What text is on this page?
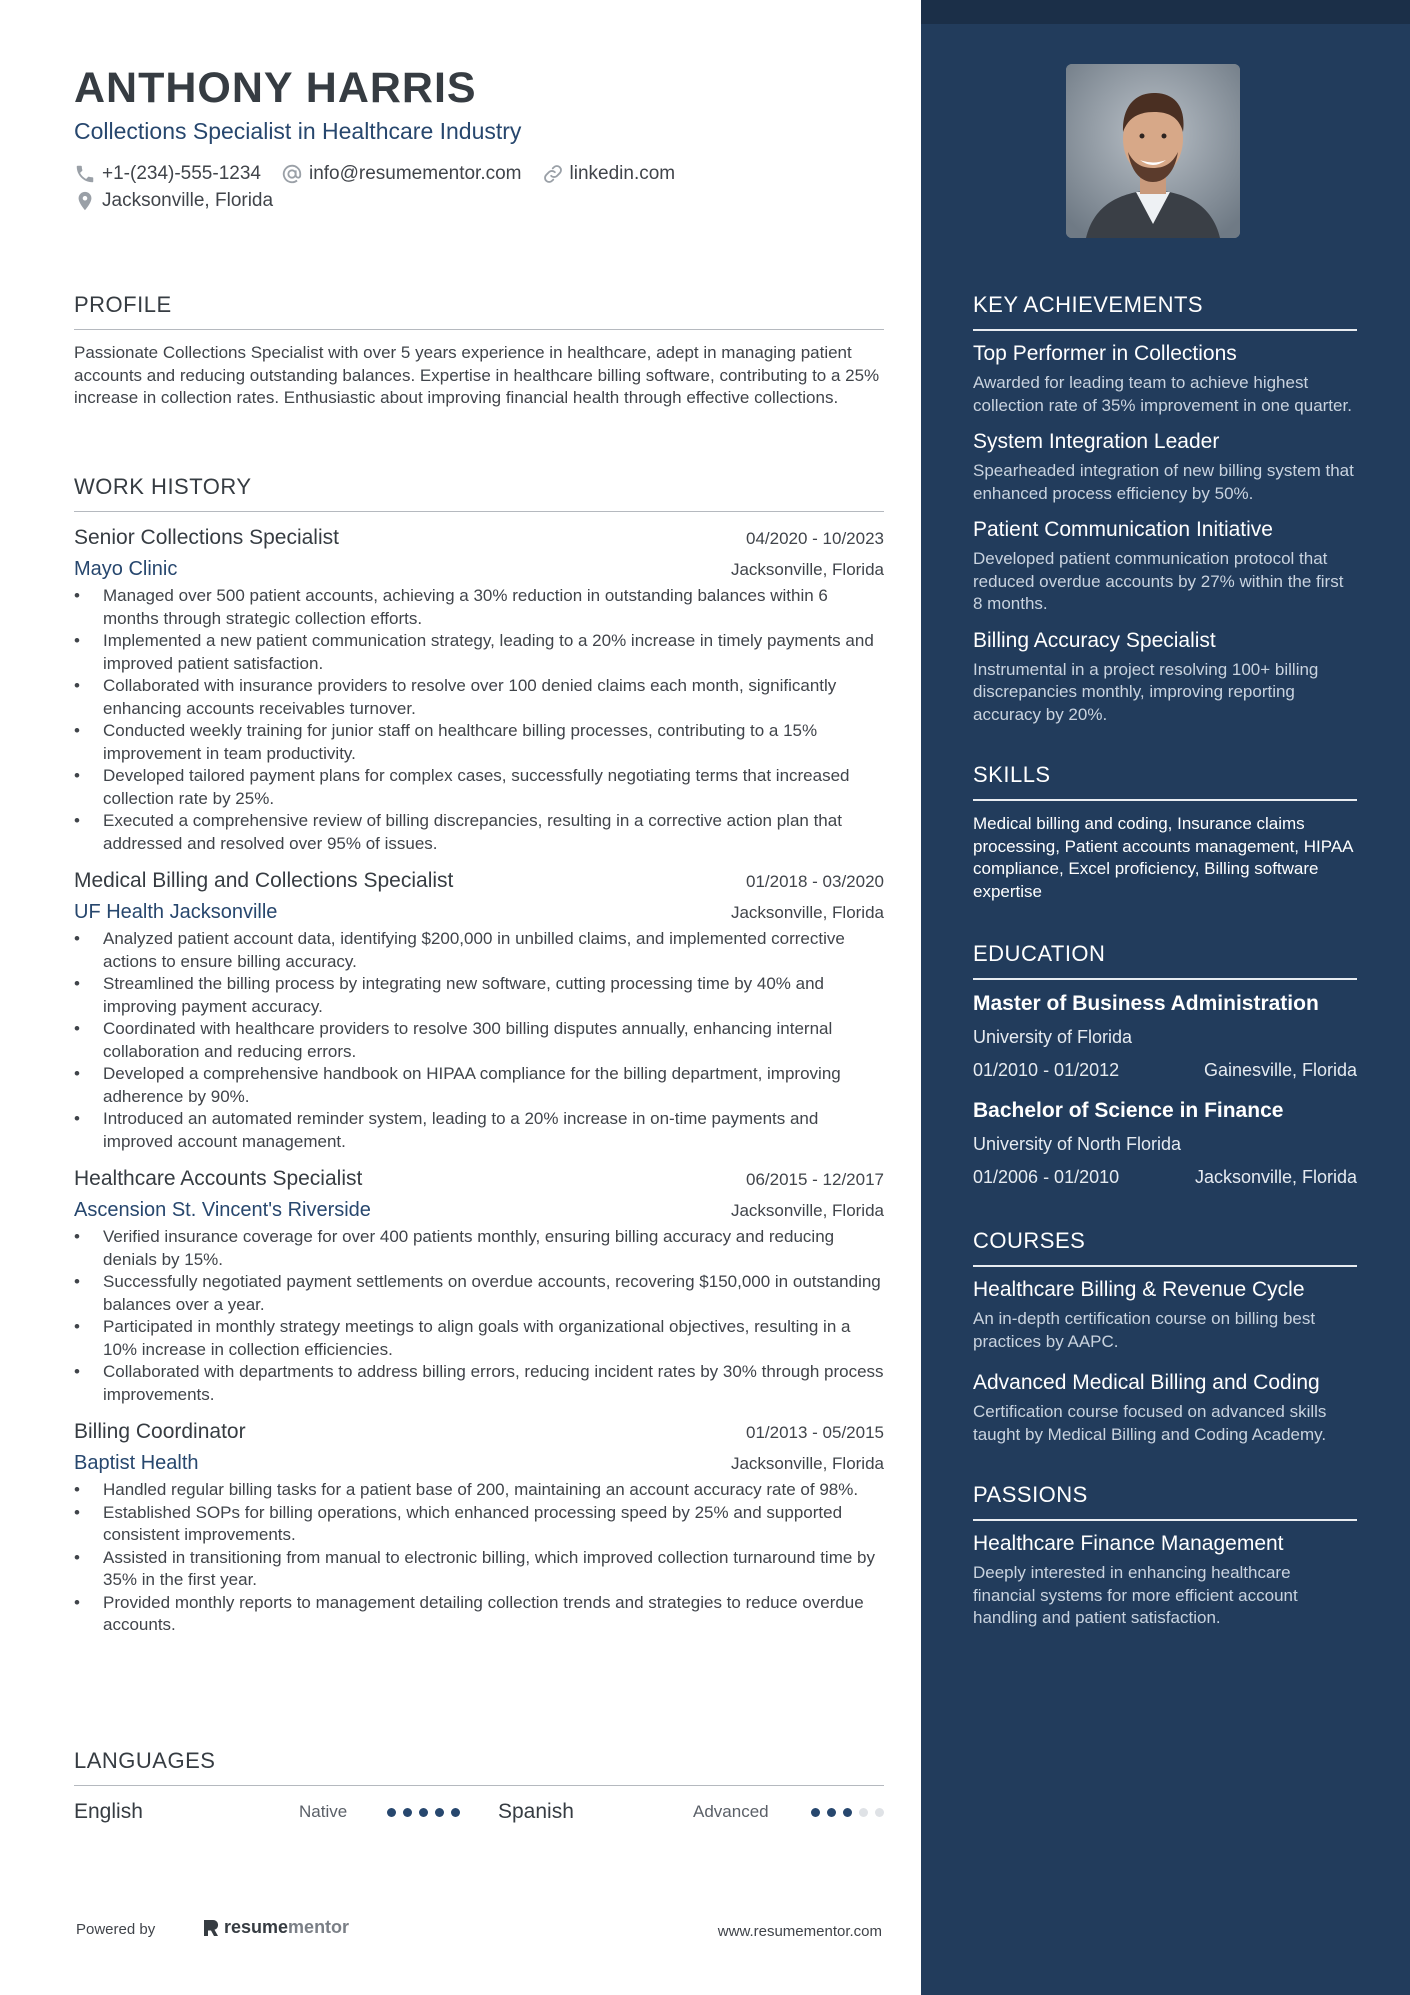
ANTHONY HARRIS
Collections Specialist in Healthcare Industry
+1-(234)-555-1234	info@resumementor.com	linkedin.com
Jacksonville, Florida
PROFILE
Passionate Collections Specialist with over 5 years experience in healthcare, adept in managing patient accounts and reducing outstanding balances. Expertise in healthcare billing software, contributing to a 25% increase in collection rates. Enthusiastic about improving financial health through effective collections.
WORK HISTORY
Senior Collections Specialist	04/2020 - 10/2023
Mayo Clinic	Jacksonville, Florida
• Managed over 500 patient accounts, achieving a 30% reduction in outstanding balances within 6 months through strategic collection efforts.
• Implemented a new patient communication strategy, leading to a 20% increase in timely payments and improved patient satisfaction.
• Collaborated with insurance providers to resolve over 100 denied claims each month, significantly enhancing accounts receivables turnover.
• Conducted weekly training for junior staff on healthcare billing processes, contributing to a 15% improvement in team productivity.
• Developed tailored payment plans for complex cases, successfully negotiating terms that increased collection rate by 25%.
• Executed a comprehensive review of billing discrepancies, resulting in a corrective action plan that addressed and resolved over 95% of issues.
Medical Billing and Collections Specialist	01/2018 - 03/2020
UF Health Jacksonville	Jacksonville, Florida
• Analyzed patient account data, identifying $200,000 in unbilled claims, and implemented corrective actions to ensure billing accuracy.
• Streamlined the billing process by integrating new software, cutting processing time by 40% and improving payment accuracy.
• Coordinated with healthcare providers to resolve 300 billing disputes annually, enhancing internal collaboration and reducing errors.
• Developed a comprehensive handbook on HIPAA compliance for the billing department, improving adherence by 90%.
• Introduced an automated reminder system, leading to a 20% increase in on-time payments and improved account management.
Healthcare Accounts Specialist	06/2015 - 12/2017
Ascension St. Vincent's Riverside	Jacksonville, Florida
• Verified insurance coverage for over 400 patients monthly, ensuring billing accuracy and reducing denials by 15%.
• Successfully negotiated payment settlements on overdue accounts, recovering $150,000 in outstanding balances over a year.
• Participated in monthly strategy meetings to align goals with organizational objectives, resulting in a 10% increase in collection efficiencies.
• Collaborated with departments to address billing errors, reducing incident rates by 30% through process improvements.
Billing Coordinator	01/2013 - 05/2015
Baptist Health	Jacksonville, Florida
• Handled regular billing tasks for a patient base of 200, maintaining an account accuracy rate of 98%.
• Established SOPs for billing operations, which enhanced processing speed by 25% and supported consistent improvements.
• Assisted in transitioning from manual to electronic billing, which improved collection turnaround time by 35% in the first year.
• Provided monthly reports to management detailing collection trends and strategies to reduce overdue accounts.
LANGUAGES
English	Native	Spanish	Advanced
Powered by	resume mentor	www.resumementor.com
KEY ACHIEVEMENTS
Top Performer in Collections
Awarded for leading team to achieve highest collection rate of 35% improvement in one quarter.
System Integration Leader
Spearheaded integration of new billing system that enhanced process efficiency by 50%.
Patient Communication Initiative
Developed patient communication protocol that reduced overdue accounts by 27% within the first 8 months.
Billing Accuracy Specialist
Instrumental in a project resolving 100+ billing discrepancies monthly, improving reporting accuracy by 20%.
SKILLS
Medical billing and coding, Insurance claims processing, Patient accounts management, HIPAA compliance, Excel proficiency, Billing software expertise
EDUCATION
Master of Business Administration
University of Florida
01/2010 - 01/2012	Gainesville, Florida
Bachelor of Science in Finance
University of North Florida
01/2006 - 01/2010	Jacksonville, Florida
COURSES
Healthcare Billing & Revenue Cycle
An in-depth certification course on billing best practices by AAPC.
Advanced Medical Billing and Coding
Certification course focused on advanced skills taught by Medical Billing and Coding Academy.
PASSIONS
Healthcare Finance Management
Deeply interested in enhancing healthcare financial systems for more efficient account handling and patient satisfaction.
